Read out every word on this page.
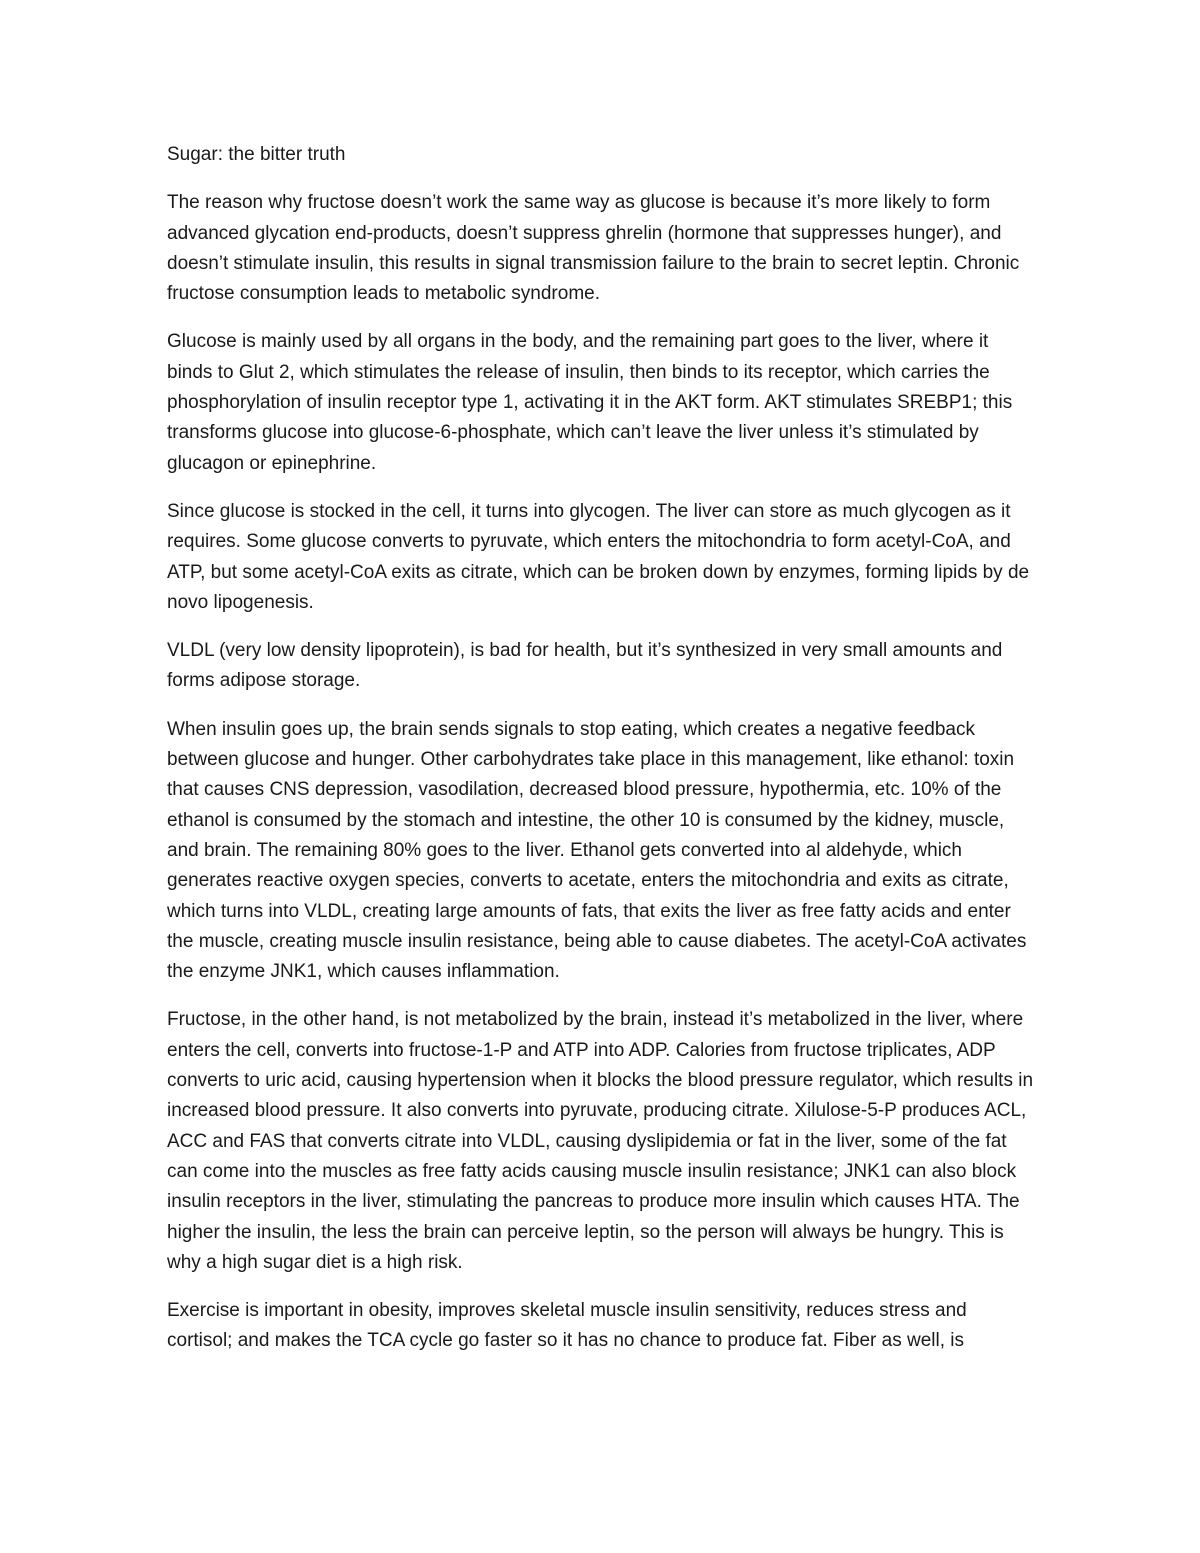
Sugar: the bitter truth

The reason why fructose doesn’t work the same way as glucose is because it’s more likely to form advanced glycation end-products, doesn’t suppress ghrelin (hormone that suppresses hunger), and doesn’t stimulate insulin, this results in signal transmission failure to the brain to secret leptin. Chronic fructose consumption leads to metabolic syndrome.

Glucose is mainly used by all organs in the body, and the remaining part goes to the liver, where it binds to Glut 2, which stimulates the release of insulin, then binds to its receptor, which carries the phosphorylation of insulin receptor type 1, activating it in the AKT form. AKT stimulates SREBP1; this transforms glucose into glucose-6-phosphate, which can’t leave the liver unless it’s stimulated by glucagon or epinephrine.

Since glucose is stocked in the cell, it turns into glycogen. The liver can store as much glycogen as it requires. Some glucose converts to pyruvate, which enters the mitochondria to form acetyl-CoA, and ATP, but some acetyl-CoA exits as citrate, which can be broken down by enzymes, forming lipids by de novo lipogenesis.

VLDL (very low density lipoprotein), is bad for health, but it’s synthesized in very small amounts and forms adipose storage.

When insulin goes up, the brain sends signals to stop eating, which creates a negative feedback between glucose and hunger. Other carbohydrates take place in this management, like ethanol: toxin that causes CNS depression, vasodilation, decreased blood pressure, hypothermia, etc. 10% of the ethanol is consumed by the stomach and intestine, the other 10 is consumed by the kidney, muscle, and brain. The remaining 80% goes to the liver. Ethanol gets converted into al aldehyde, which generates reactive oxygen species, converts to acetate, enters the mitochondria and exits as citrate, which turns into VLDL, creating large amounts of fats, that exits the liver as free fatty acids and enter the muscle, creating muscle insulin resistance, being able to cause diabetes. The acetyl-CoA activates the enzyme JNK1, which causes inflammation.

Fructose, in the other hand, is not metabolized by the brain, instead it’s metabolized in the liver, where enters the cell, converts into fructose-1-P and ATP into ADP. Calories from fructose triplicates, ADP converts to uric acid, causing hypertension when it blocks the blood pressure regulator, which results in increased blood pressure. It also converts into pyruvate, producing citrate. Xilulose-5-P produces ACL, ACC and FAS that converts citrate into VLDL, causing dyslipidemia or fat in the liver, some of the fat can come into the muscles as free fatty acids causing muscle insulin resistance; JNK1 can also block insulin receptors in the liver, stimulating the pancreas to produce more insulin which causes HTA. The higher the insulin, the less the brain can perceive leptin, so the person will always be hungry. This is why a high sugar diet is a high risk.

Exercise is important in obesity, improves skeletal muscle insulin sensitivity, reduces stress and cortisol; and makes the TCA cycle go faster so it has no chance to produce fat. Fiber as well, is
